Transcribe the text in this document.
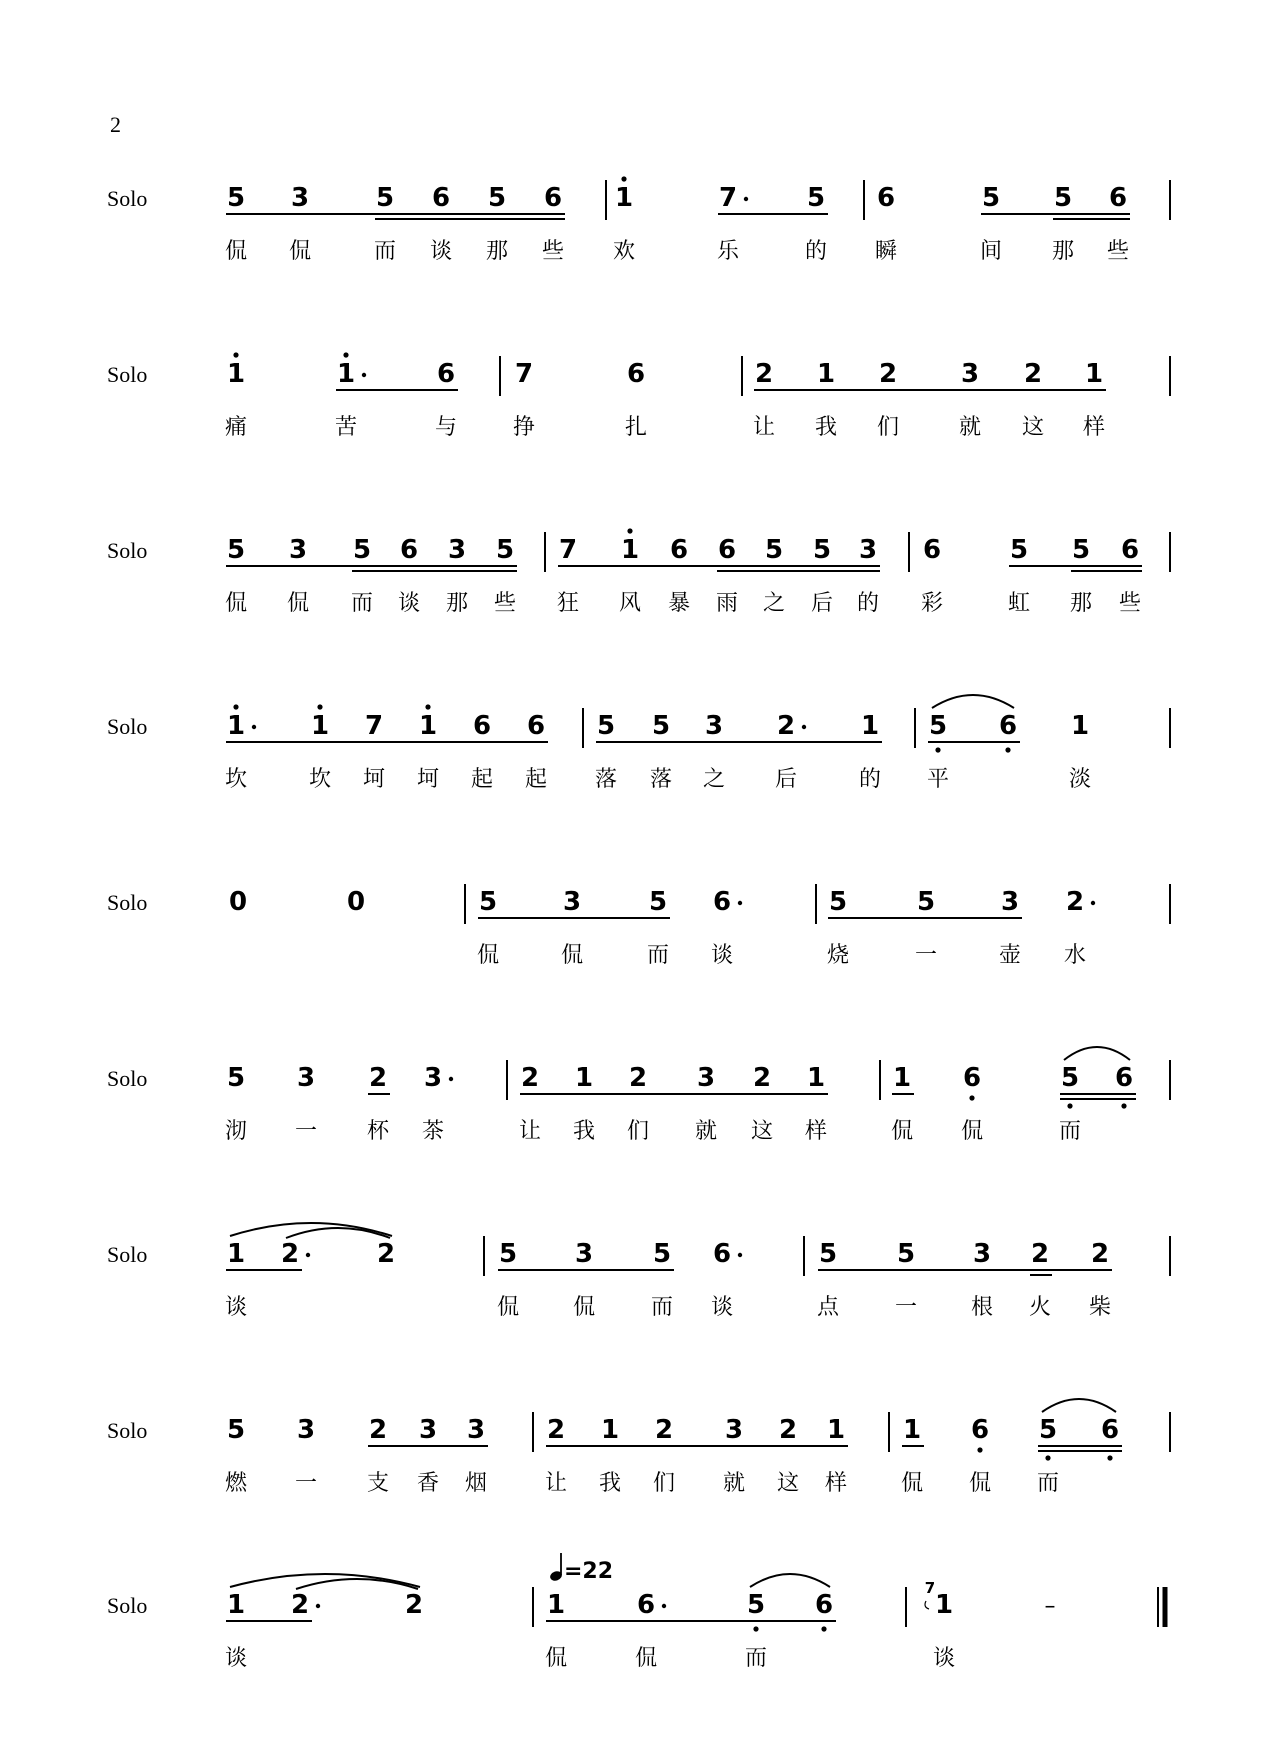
2
Solo	5 3	5 6 5 6 1	7	5 6	5 5 6
侃 侃	而 谈 那 些 欢	乐	的 瞬	间 那 些
Solo	1	1	6 7	6	2 1 2 3 2 1
痛	苦	与	挣	扎	让 我 们	就 这 样
Solo	5 3 5 6 3 5 7 1 6 6 5 5 3 6	5 5 6
侃 侃 而 谈 那 些 狂 风 暴 雨 之 后 的 彩	虹 那 些
Solo	1	1 7 1 6 6 5 5 3 2	1 5 6 1
坎	坎 坷 坷 起 起 落 落 之 后	的 平	淡
Solo	0	0	5	3	5 6	5	5	3 2
侃	侃	而 谈	烧	一	壶 水
Solo	5 3 2 3	2 1 2 3 2 1	1 6	5 6
沏 一 杯 茶	让 我 们 就 这 样	侃 侃	而
Solo	1 2	2	5 3 5 6	5 5 3 2 2
谈	侃 侃	而 谈	点	一 根 火 柴
Solo	5 3 2 3 3 2 1 2 3 2 1 1 6 5 6
燃 一 支 香 烟	让 我 们 就 这 样 侃 侃 而
Solo	1 2	2	1	6	5 6	1
7
–
谈	侃	侃	而	谈
=22
